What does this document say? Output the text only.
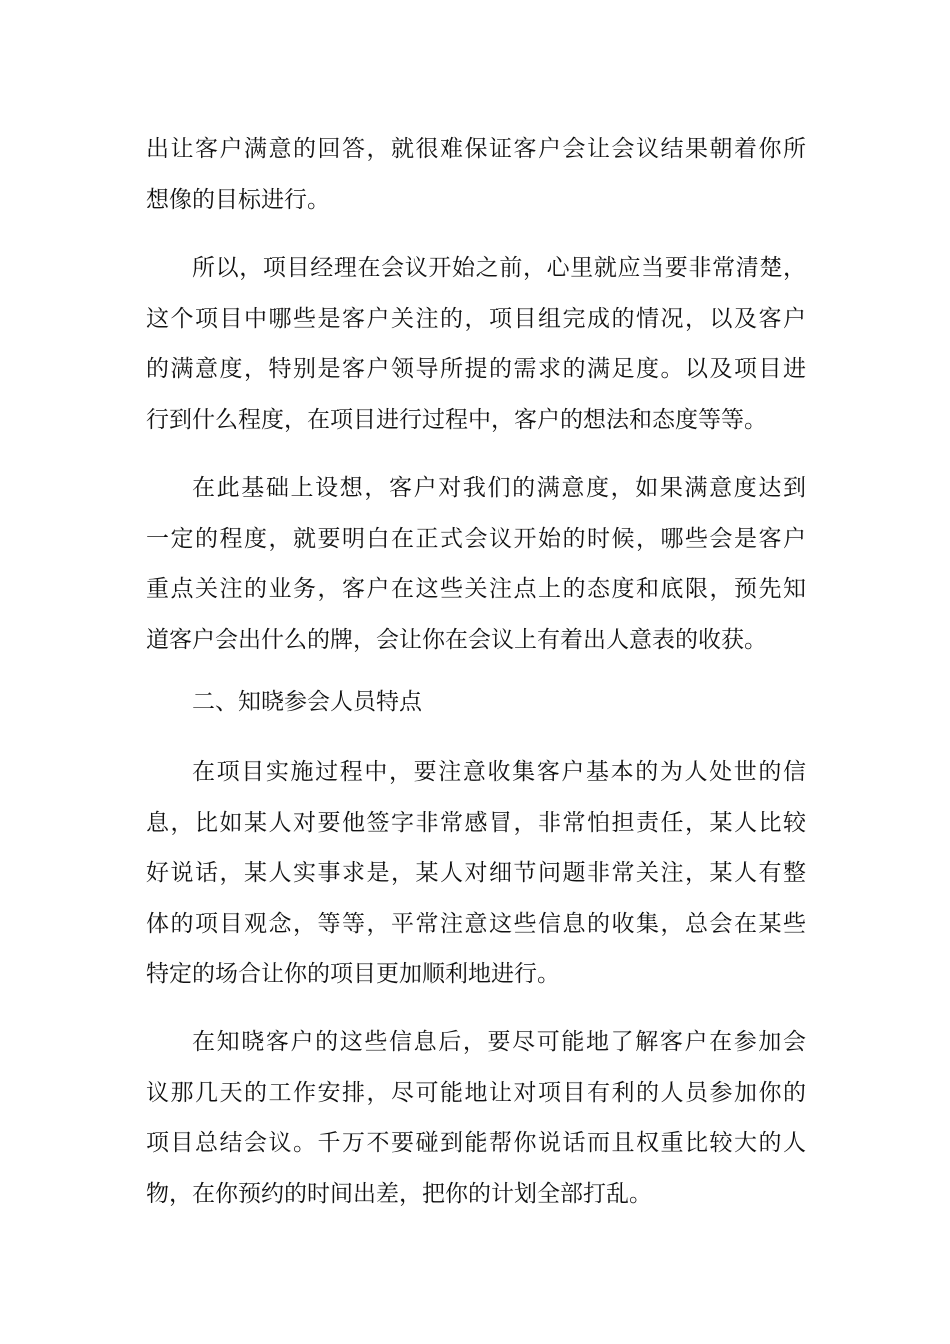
出让客户满意的回答，就很难保证客户会让会议结果朝着你所
想像的目标进行。
所以，项目经理在会议开始之前，心里就应当要非常清楚，
这个项目中哪些是客户关注的，项目组完成的情况，以及客户
的满意度，特别是客户领导所提的需求的满足度。以及项目进
行到什么程度，在项目进行过程中，客户的想法和态度等等。
在此基础上设想，客户对我们的满意度，如果满意度达到
一定的程度，就要明白在正式会议开始的时候，哪些会是客户
重点关注的业务，客户在这些关注点上的态度和底限，预先知
道客户会出什么的牌，会让你在会议上有着出人意表的收获。
二、知晓参会人员特点
在项目实施过程中，要注意收集客户基本的为人处世的信
息，比如某人对要他签字非常感冒，非常怕担责任，某人比较
好说话，某人实事求是，某人对细节问题非常关注，某人有整
体的项目观念，等等，平常注意这些信息的收集，总会在某些
特定的场合让你的项目更加顺利地进行。
在知晓客户的这些信息后，要尽可能地了解客户在参加会
议那几天的工作安排，尽可能地让对项目有利的人员参加你的
项目总结会议。千万不要碰到能帮你说话而且权重比较大的人
物，在你预约的时间出差，把你的计划全部打乱。
